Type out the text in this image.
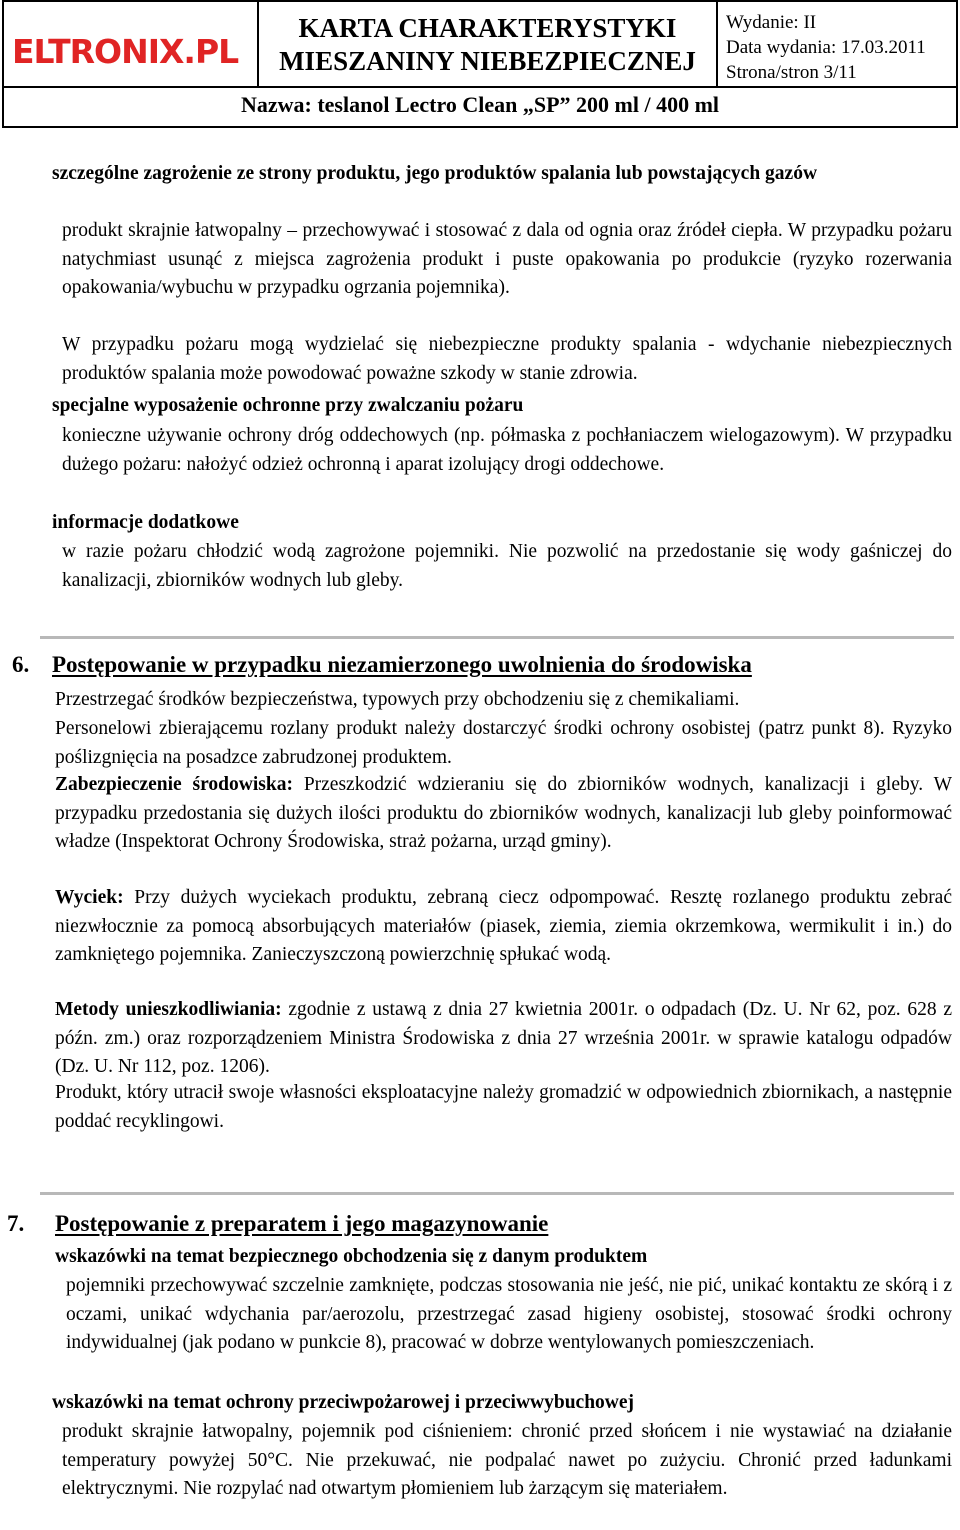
ELTRONIX.PL
KARTA CHARAKTERYSTYKI
MIESZANINY NIEBEZPIECZNEJ
Wydanie: II
Data wydania: 17.03.2011
Strona/stron 3/11
Nazwa: teslanol Lectro Clean „SP” 200 ml / 400 ml
szczególne zagrożenie ze strony produktu, jego produktów spalania lub powstających gazów
produkt skrajnie łatwopalny – przechowywać i stosować z dala od ognia oraz źródeł ciepła. W przypadku pożaru natychmiast usunąć z miejsca zagrożenia produkt i puste opakowania po produkcie (ryzyko rozerwania opakowania/wybuchu w przypadku ogrzania pojemnika).
W przypadku pożaru mogą wydzielać się niebezpieczne produkty spalania - wdychanie niebezpiecznych produktów spalania może powodować poważne szkody w stanie zdrowia.
specjalne wyposażenie ochronne przy zwalczaniu pożaru
konieczne używanie ochrony dróg oddechowych (np. półmaska z pochłaniaczem wielogazowym). W przypadku dużego pożaru: nałożyć odzież ochronną i aparat izolujący drogi oddechowe.
informacje dodatkowe
w razie pożaru chłodzić wodą zagrożone pojemniki. Nie pozwolić na przedostanie się wody gaśniczej do kanalizacji, zbiorników wodnych lub gleby.
6. Postępowanie w przypadku niezamierzonego uwolnienia do środowiska
Przestrzegać środków bezpieczeństwa, typowych przy obchodzeniu się z chemikaliami.
Personelowi zbierającemu rozlany produkt należy dostarczyć środki ochrony osobistej (patrz punkt 8). Ryzyko poślizgnięcia na posadzce zabrudzonej produktem.
Zabezpieczenie środowiska: Przeszkodzić wdzieraniu się do zbiorników wodnych, kanalizacji i gleby. W przypadku przedostania się dużych ilości produktu do zbiorników wodnych, kanalizacji lub gleby poinformować władze (Inspektorat Ochrony Środowiska, straż pożarna, urząd gminy).
Wyciek: Przy dużych wyciekach produktu, zebraną ciecz odpompować. Resztę rozlanego produktu zebrać niezwłocznie za pomocą absorbujących materiałów (piasek, ziemia, ziemia okrzemkowa, wermikulit i in.) do zamkniętego pojemnika. Zanieczyszczoną powierzchnię spłukać wodą.
Metody unieszkodliwiania: zgodnie z ustawą z dnia 27 kwietnia 2001r. o odpadach (Dz. U. Nr 62, poz. 628 z późn. zm.) oraz rozporządzeniem Ministra Środowiska z dnia 27 września 2001r. w sprawie katalogu odpadów (Dz. U. Nr 112, poz. 1206).
Produkt, który utracił swoje własności eksploatacyjne należy gromadzić w odpowiednich zbiornikach, a następnie poddać recyklingowi.
7. Postępowanie z preparatem i jego magazynowanie
wskazówki na temat bezpiecznego obchodzenia się z danym produktem
pojemniki przechowywać szczelnie zamknięte, podczas stosowania nie jeść, nie pić, unikać kontaktu ze skórą i z oczami, unikać wdychania par/aerozolu, przestrzegać zasad higieny osobistej, stosować środki ochrony indywidualnej (jak podano w punkcie 8), pracować w dobrze wentylowanych pomieszczeniach.
wskazówki na temat ochrony przeciwpożarowej i przeciwwybuchowej
produkt skrajnie łatwopalny, pojemnik pod ciśnieniem: chronić przed słońcem i nie wystawiać na działanie temperatury powyżej 50°C. Nie przekuwać, nie podpalać nawet po zużyciu. Chronić przed ładunkami elektrycznymi. Nie rozpylać nad otwartym płomieniem lub żarzącym się materiałem.
